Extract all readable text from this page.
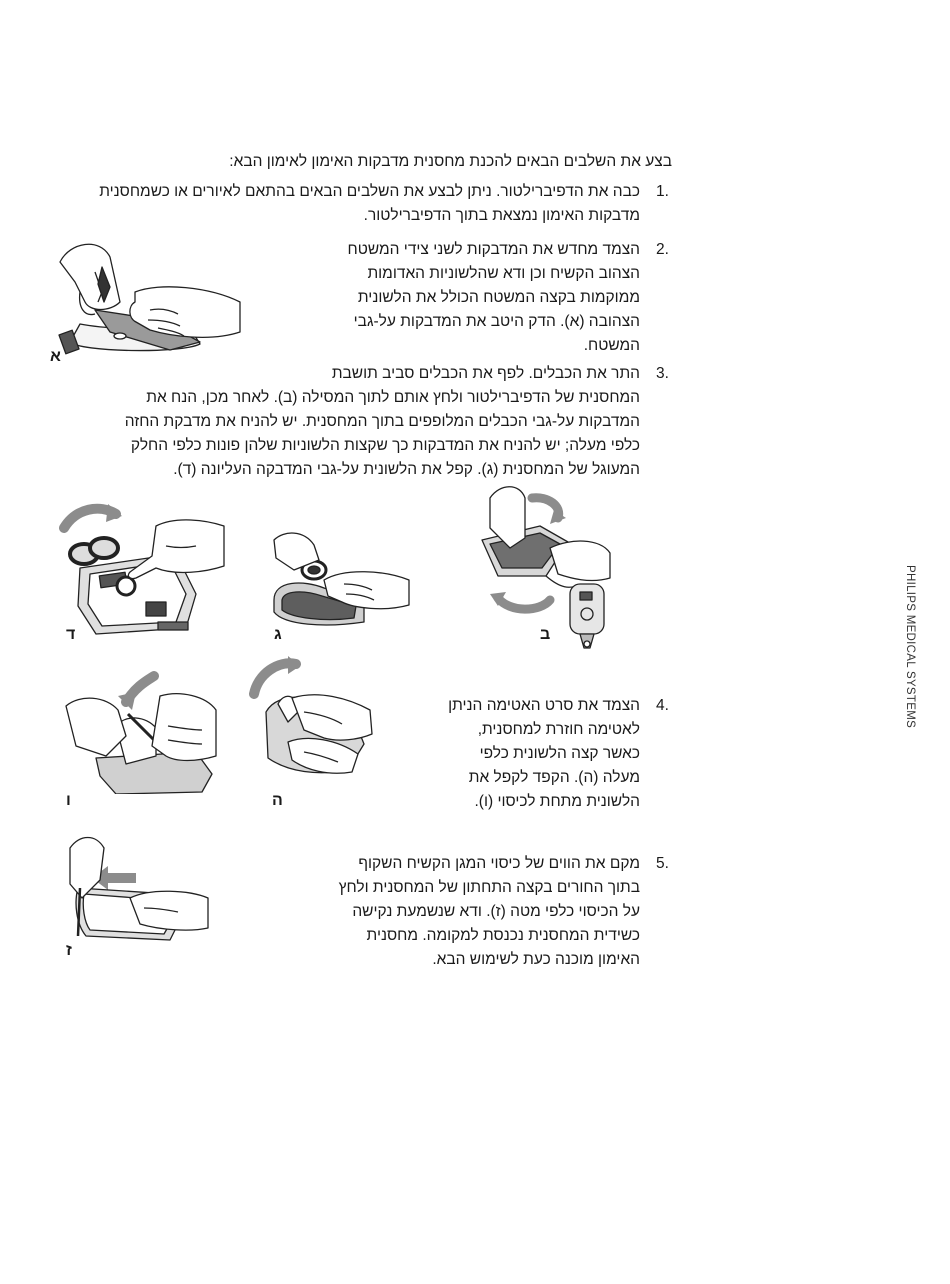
בצע את השלבים הבאים להכנת מחסנית מדבקות האימון לאימון הבא:
1.
כבה את הדפיברילטור. ניתן לבצע את השלבים הבאים בהתאם לאיורים או כשמחסנית
מדבקות האימון נמצאת בתוך הדפיברילטור.
2.
הצמד מחדש את המדבקות לשני צידי המשטח
הצהוב הקשיח וכן ודא שהלשוניות האדומות
ממוקמות בקצה המשטח הכולל את הלשונית
הצהובה (א). הדק היטב את המדבקות על-גבי
המשטח.
3.
התר את הכבלים. לפף את הכבלים סביב תושבת
המחסנית של הדפיברילטור ולחץ אותם לתוך המסילה (ב). לאחר מכן, הנח את
המדבקות על-גבי הכבלים המלופפים בתוך המחסנית. יש להניח את מדבקת החזה
כלפי מעלה; יש להניח את המדבקות כך שקצות הלשוניות שלהן פונות כלפי החלק
המעוגל של המחסנית (ג). קפל את הלשונית על-גבי המדבקה העליונה (ד).
4.
הצמד את סרט האטימה הניתן
לאטימה חוזרת למחסנית,
כאשר קצה הלשונית כלפי
מעלה (ה). הקפד לקפל את
הלשונית מתחת לכיסוי (ו).
5.
מקם את הווים של כיסוי המגן הקשיח השקוף
בתוך החורים בקצה התחתון של המחסנית ולחץ
על הכיסוי כלפי מטה (ז). ודא שנשמעת נקישה
כשידית המחסנית נכנסת למקומה. מחסנית
האימון מוכנה כעת לשימוש הבא.
א
ב
ג
ד
ה
ו
ז
PHILIPS MEDICAL SYSTEMS
